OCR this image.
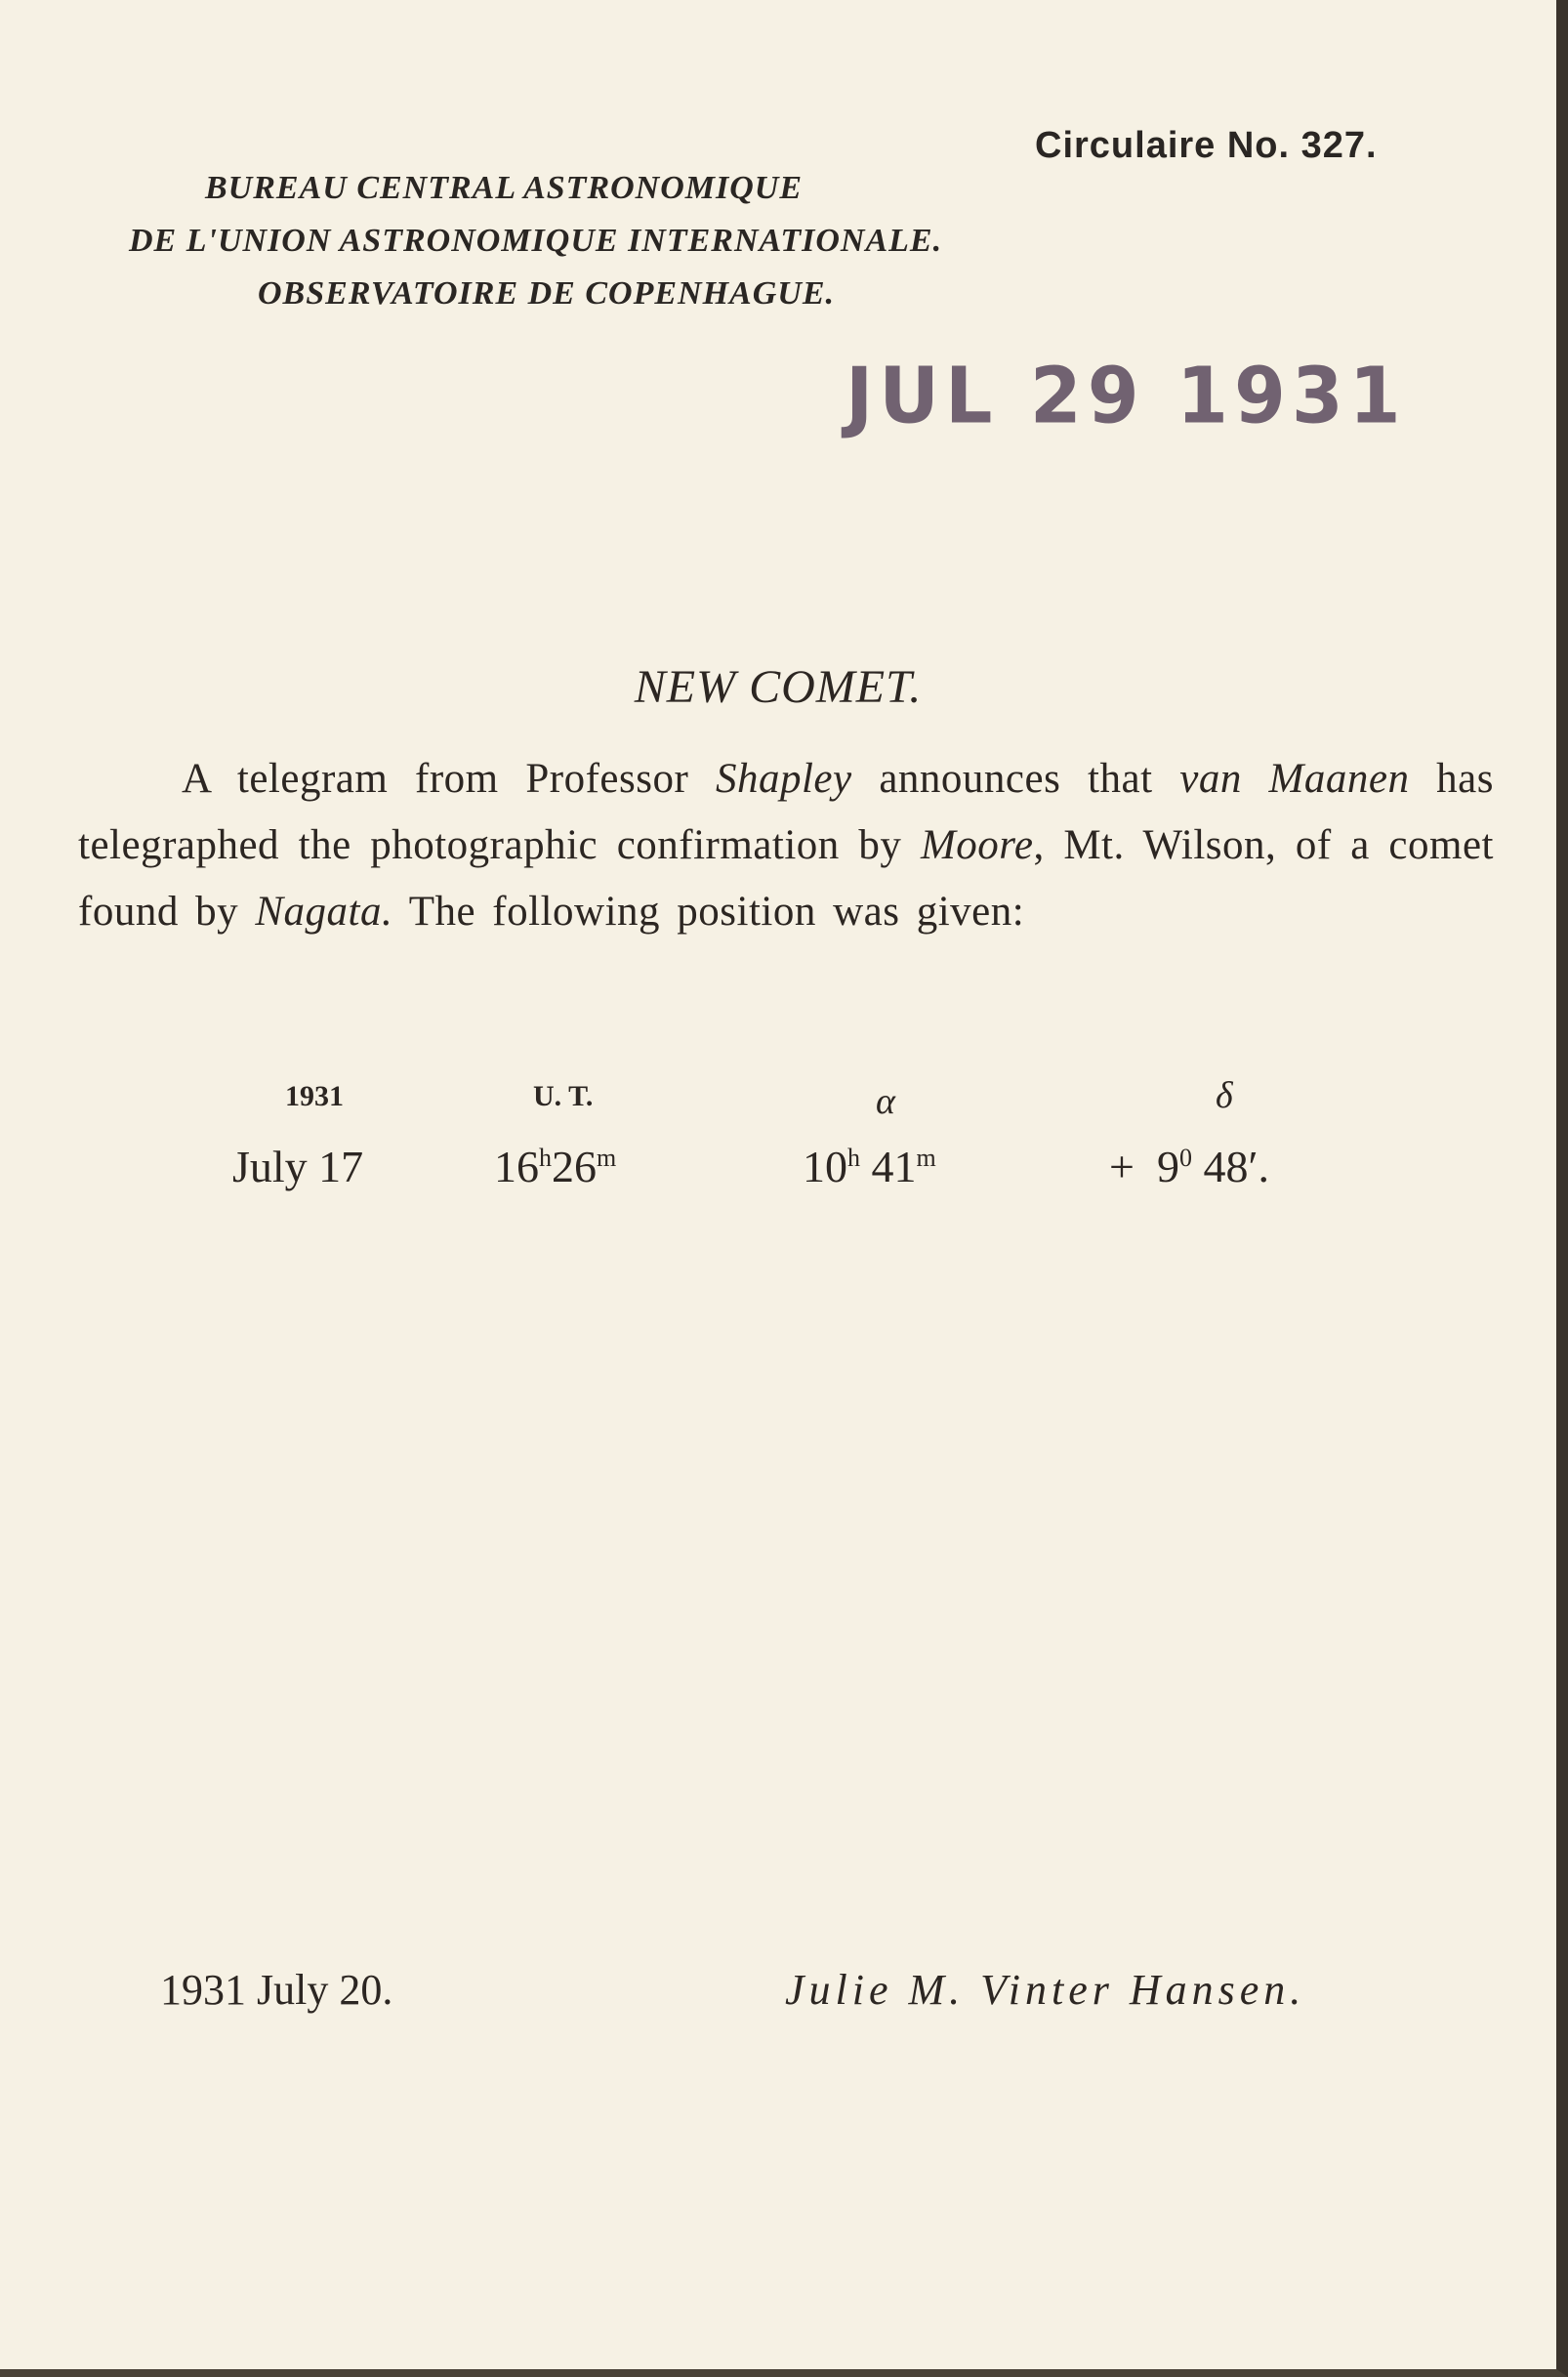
Circulaire No. 327.
BUREAU CENTRAL ASTRONOMIQUE
DE L'UNION ASTRONOMIQUE INTERNATIONALE.
OBSERVATOIRE DE COPENHAGUE.
JUL 29 1931
NEW COMET.
A telegram from Professor Shapley announces that van Maanen has telegraphed the photographic confirmation by Moore, Mt. Wilson, of a comet found by Nagata. The following position was given:
1931	U. T.	α	δ
July 17	16$^h$26$^m$	10$^h$ $41^m$	+ $9^0$ 48′.
1931 July 20.	Julie M. Vinter Hansen.
